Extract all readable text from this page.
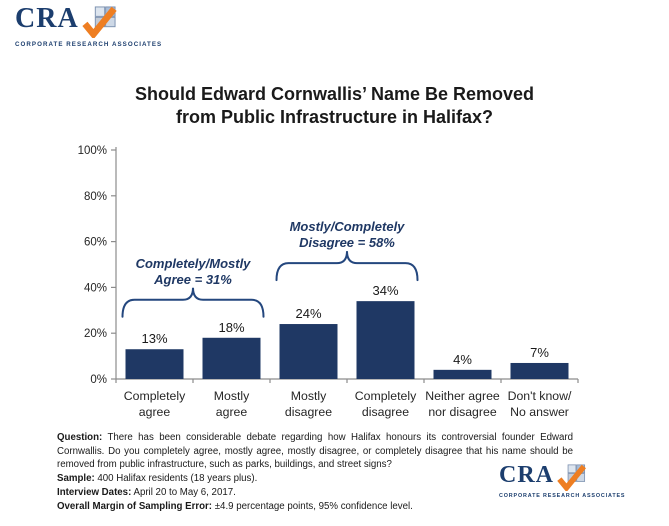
CRA
CORPORATE RESEARCH ASSOCIATES
Should Edward Cornwallis’ Name Be Removed
from Public Infrastructure in Halifax?
0%
20%
40%
60%
80%
100%
13%
Completely
agree
18%
Mostly
agree
24%
Mostly
disagree
34%
Completely
disagree
4%
Neither agree
nor disagree
7%
Don't know/
No answer
Completely/Mostly
Agree = 31%
Mostly/Completely
Disagree = 58%

Question: There has been considerable debate regarding how Halifax honours its controversial founder Edward Cornwallis. Do you completely agree, mostly agree, mostly disagree, or completely disagree that his name should be removed from public infrastructure, such as parks, buildings, and street signs?

Sample: 400 Halifax residents (18 years plus).

Interview Dates: April 20 to May 6, 2017.

Overall Margin of Sampling Error: ±4.9 percentage points, 95% confidence level.

CRA
CORPORATE RESEARCH ASSOCIATES
